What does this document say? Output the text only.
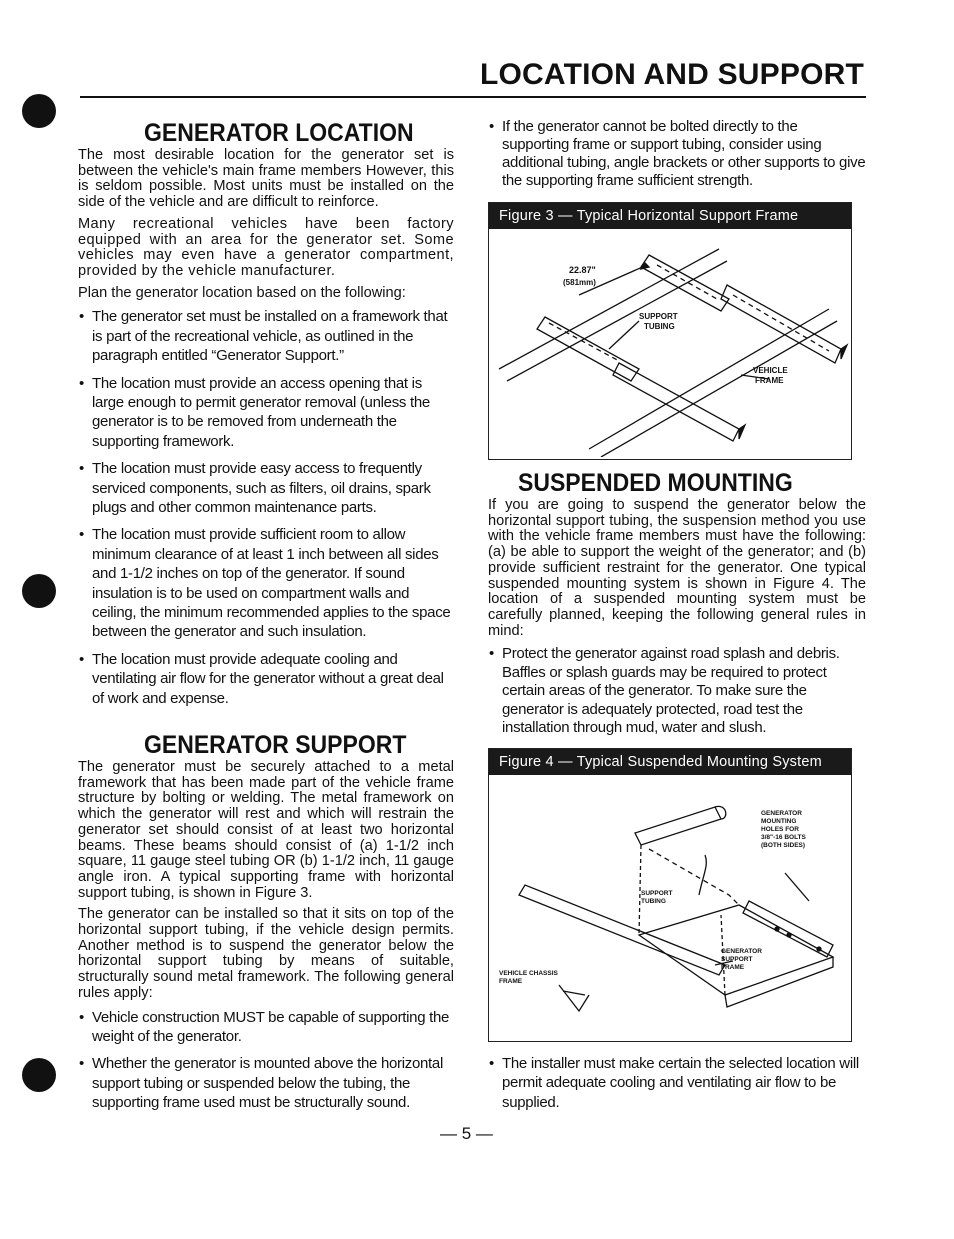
LOCATION AND SUPPORT
GENERATOR LOCATION

The most desirable location for the generator set is between the vehicle's main frame members However, this is seldom possible. Most units must be installed on the side of the vehicle and are difficult to reinforce.

Many recreational vehicles have been factory equipped with an area for the generator set. Some vehicles may even have a generator compartment, provided by the vehicle manufacturer.

Plan the generator location based on the following:

• The generator set must be installed on a framework that is part of the recreational vehicle, as outlined in the paragraph entitled “Generator Support.”
• The location must provide an access opening that is large enough to permit generator removal (unless the generator is to be removed from underneath the supporting framework.
• The location must provide easy access to frequently serviced components, such as filters, oil drains, spark plugs and other common maintenance parts.
• The location must provide sufficient room to allow minimum clearance of at least 1 inch between all sides and 1-1/2 inches on top of the generator. If sound insulation is to be used on compartment walls and ceiling, the minimum recommended applies to the space between the generator and such insulation.
• The location must provide adequate cooling and ventilating air flow for the generator without a great deal of work and expense.
GENERATOR SUPPORT

The generator must be securely attached to a metal framework that has been made part of the vehicle frame structure by bolting or welding. The metal framework on which the generator will rest and which will restrain the generator set should consist of at least two horizontal beams. These beams should consist of (a) 1-1/2 inch square, 11 gauge steel tubing OR (b) 1-1/2 inch, 11 gauge angle iron. A typical supporting frame with horizontal support tubing, is shown in Figure 3.

The generator can be installed so that it sits on top of the horizontal support tubing, if the vehicle design permits. Another method is to suspend the generator below the horizontal support tubing by means of suitable, structurally sound metal framework. The following general rules apply:

• Vehicle construction MUST be capable of supporting the weight of the generator.
• Whether the generator is mounted above the horizontal support tubing or suspended below the tubing, the supporting frame used must be structurally sound.
• If the generator cannot be bolted directly to the supporting frame or support tubing, consider using additional tubing, angle brackets or other supports to give the supporting frame sufficient strength.
Figure 3 — Typical Horizontal Support Frame
22.87"
(581mm)
SUPPORT
TUBING
VEHICLE
FRAME
SUSPENDED MOUNTING

If you are going to suspend the generator below the horizontal support tubing, the suspension method you use with the vehicle frame members must have the following: (a) be able to support the weight of the generator; and (b) provide sufficient restraint for the generator. One typical suspended mounting system is shown in Figure 4. The location of a suspended mounting system must be carefully planned, keeping the following general rules in mind:

• Protect the generator against road splash and debris. Baffles or splash guards may be required to protect certain areas of the generator. To make sure the generator is adequately protected, road test the installation through mud, water and slush.
Figure 4 — Typical Suspended Mounting System
GENERATOR
MOUNTING
HOLES FOR
3/8"-16 BOLTS
(BOTH SIDES)
SUPPORT
TUBING
GENERATOR
SUPPORT
FRAME
VEHICLE CHASSIS
FRAME
• The installer must make certain the selected location will permit adequate cooling and ventilating air flow to be supplied.
— 5 —
